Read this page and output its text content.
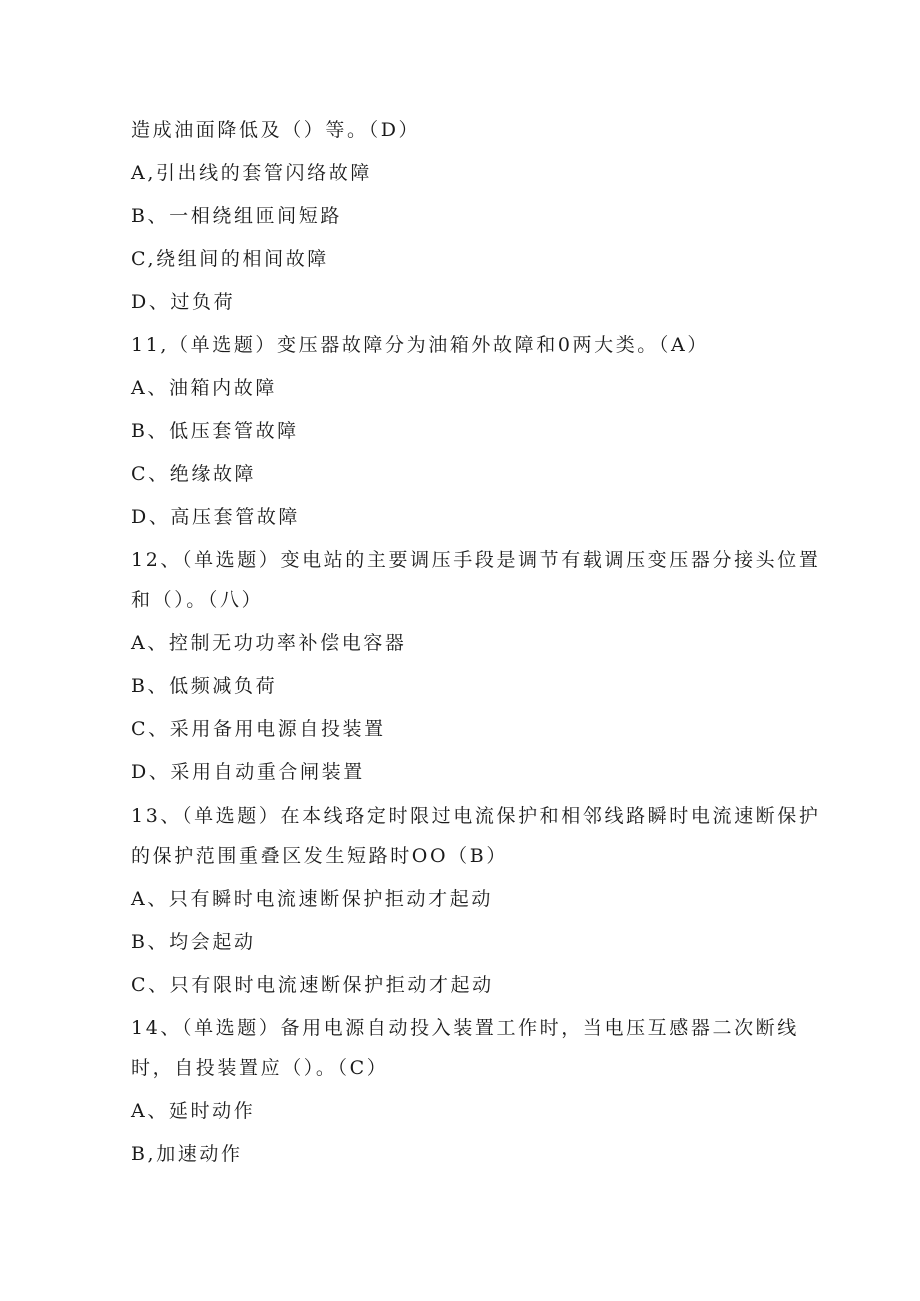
造成油面降低及（）等。（D）
A,引出线的套管闪络故障
B、一相绕组匝间短路
C,绕组间的相间故障
D、过负荷
11,（单选题）变压器故障分为油箱外故障和0两大类。（A）
A、油箱内故障
B、低压套管故障
C、绝缘故障
D、高压套管故障
12、（单选题）变电站的主要调压手段是调节有载调压变压器分接头位置
和（）。（八）
A、控制无功功率补偿电容器
B、低频减负荷
C、采用备用电源自投装置
D、采用自动重合闸装置
13、（单选题）在本线珞定时限过电流保护和相邻线路瞬时电流速断保护
的保护范围重叠区发生短路时OO（B）
A、只有瞬时电流速断保护拒动才起动
B、均会起动
C、只有限时电流速断保护拒动才起动
14、（单选题）备用电源自动投入装置工作时，当电压互感器二次断线
时，自投装置应（）。（C）
A、延时动作
B,加速动作
